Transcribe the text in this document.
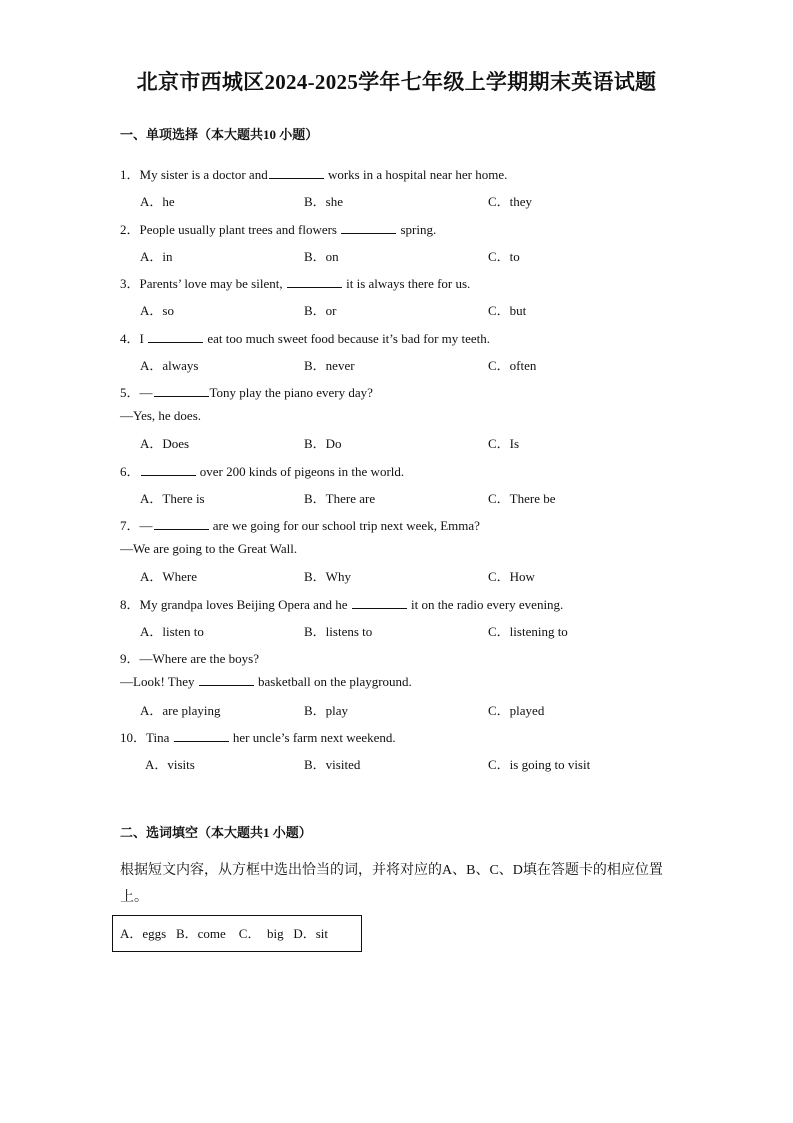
北京市西城区2024-2025学年七年级上学期期末英语试题
一、单项选择（本大题共10 小题）
1．My sister is a doctor and	works in a hospital near her home.
A．he	B．she	C．they
2．People usually plant trees and flowers	spring.
A．in	B．on	C．to
3．Parents’ love may be silent,	it is always there for us.
A．so	B．or	C．but
4．I	eat too much sweet food because it’s bad for my teeth.
A．always	B．never	C．often
5．—	Tony play the piano every day?
—Yes, he does.
A．Does	B．Do	C．Is
6．	over 200 kinds of pigeons in the world.
A．There is	B．There are	C．There be
7．—	are we going for our school trip next week, Emma?
—We are going to the Great Wall.
A．Where	B．Why	C．How
8．My grandpa loves Beijing Opera and he	it on the radio every evening.
A．listen to	B．listens to	C．listening to
9．—Where are the boys?
—Look! They	basketball on the playground.
A．are playing	B．play	C．played
10．Tina	her uncle’s farm next weekend.
A．visits	B．visited	C．is going to visit
二、选词填空（本大题共1 小题）
根据短文内容，从方框中选出恰当的词，并将对应的A、B、C、D填在答题卡的相应位置上。
A．eggs   B．come    C．  big   D．sit
